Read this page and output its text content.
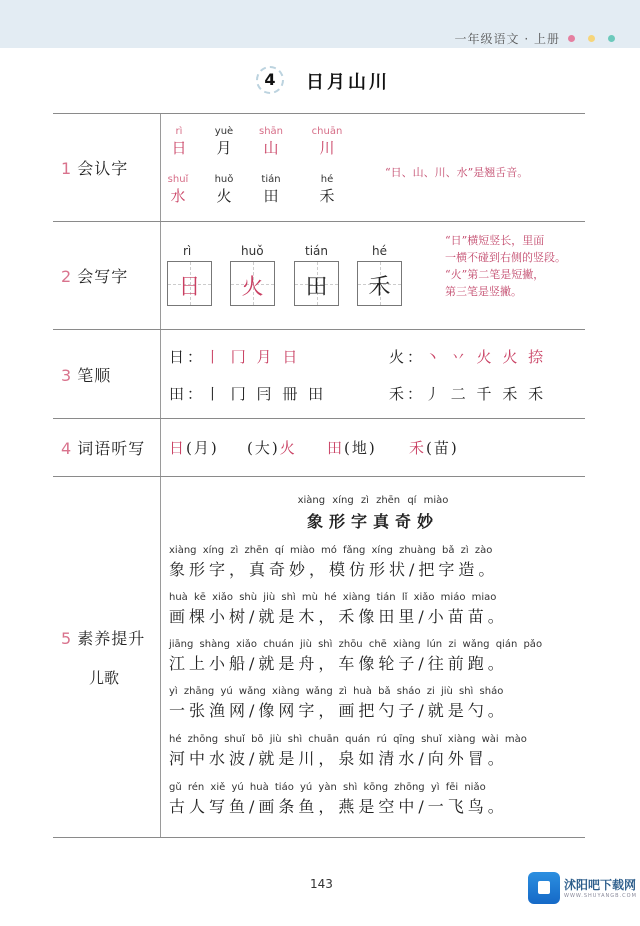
一年级语文 · 上册
4	日月山川
1 会认字
rì
日
yuè
月
shān
山
chuān
川
shuǐ
水
huǒ
火
tián
田
hé
禾
“日、山、川、水”是翘舌音。
2 会写字
rì
日
huǒ
火
tián
田
hé
禾
“日”横短竖长，里面
一横不碰到右侧的竖段。
“火”第二笔是短撇，
第三笔是竖撇。
3 笔顺
日：丨 冂 月 日	火：丶 丷 火 火 捺
田：丨 冂 冃 冊 田	禾：丿 二 千 禾 禾
4 词语听写	日(月) (大)火 田(地) 禾(苗)
5 素养提升
儿歌
xiàng xíng zì zhēn qí miào
象形字真奇妙
xiàng xíng zì zhēn qí miào mó fǎng xíng zhuàng bǎ zì zào
象形字，真奇妙，模仿形状/把字造。
huà kē xiǎo shù jiù shì mù hé xiàng tián lǐ xiǎo miáo miao
画棵小树/就是木，禾像田里/小苗苗。
jiāng shàng xiǎo chuán jiù shì zhōu chē xiàng lún zi wǎng qián pǎo
江上小船/就是舟，车像轮子/往前跑。
yì zhāng yú wǎng xiàng wǎng zì huà bǎ sháo zi jiù shì sháo
一张渔网/像网字，画把勺子/就是勺。
hé zhōng shuǐ bō jiù shì chuān quán rú qīng shuǐ xiàng wài mào
河中水波/就是川，泉如清水/向外冒。
gǔ rén xiě yú huà tiáo yú yàn shì kōng zhōng yì fēi niǎo
古人写鱼/画条鱼，燕是空中/一飞鸟。
143	沭阳吧下载网
WWW.SHUYANGB.COM
